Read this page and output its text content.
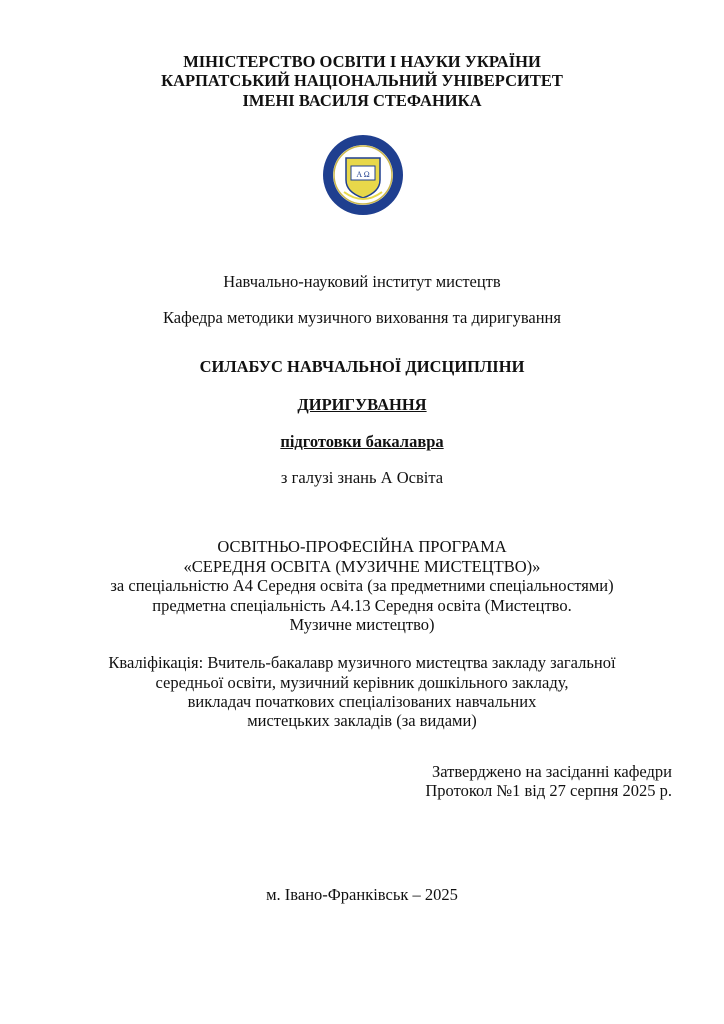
МІНІСТЕРСТВО ОСВІТИ І НАУКИ УКРАЇНИ
КАРПАТСЬКИЙ НАЦІОНАЛЬНИЙ УНІВЕРСИТЕТ
ІМЕНІ ВАСИЛЯ СТЕФАНИКА
Α Ω
Навчально-науковий інститут мистецтв
Кафедра методики музичного виховання та диригування
СИЛАБУС НАВЧАЛЬНОЇ ДИСЦИПЛІНИ
ДИРИГУВАННЯ
підготовки бакалавра
з галузі знань А Освіта
ОСВІТНЬО-ПРОФЕСІЙНА ПРОГРАМА
«СЕРЕДНЯ ОСВІТА (МУЗИЧНЕ МИСТЕЦТВО)»
за спеціальністю А4 Середня освіта (за предметними спеціальностями)
предметна спеціальність А4.13 Середня освіта (Мистецтво.
Музичне мистецтво)
Кваліфікація: Вчитель-бакалавр музичного мистецтва закладу загальної
середньої освіти, музичний керівник дошкільного закладу,
викладач початкових спеціалізованих навчальних
мистецьких закладів (за видами)
Затверджено на засіданні кафедри
Протокол №1 від 27 серпня 2025 р.
м. Івано-Франківськ – 2025
